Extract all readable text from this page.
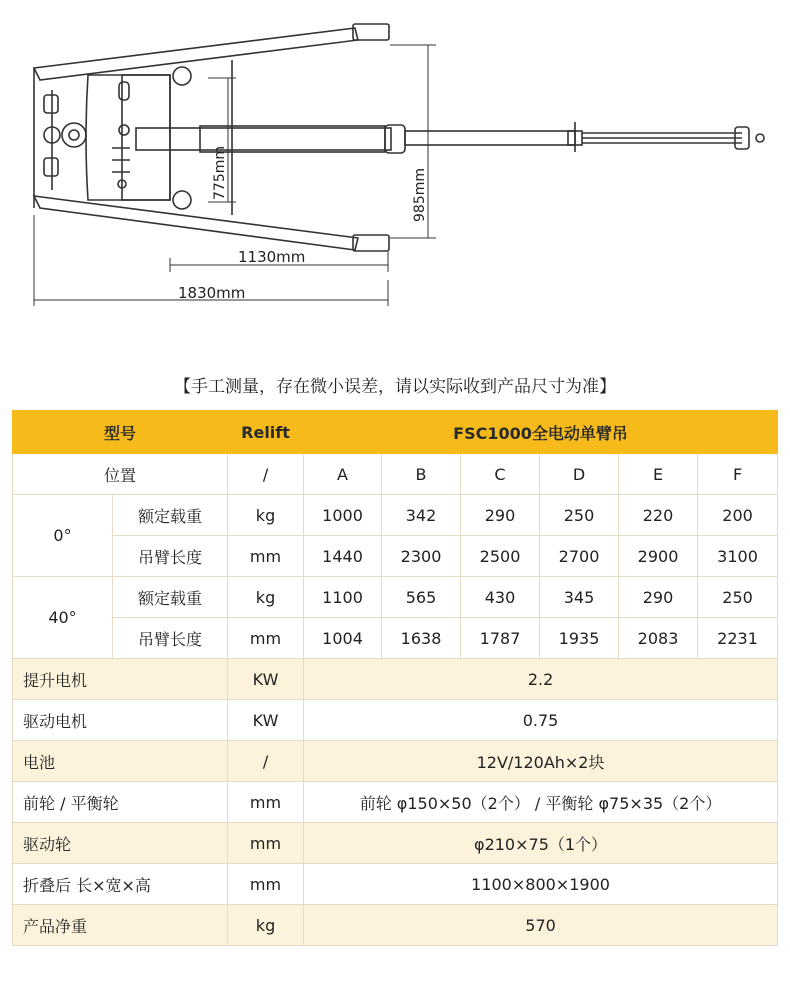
1830mm
1130mm
775mm	985mm
【手工测量，存在微小误差，请以实际收到产品尺寸为准】
型号		Relift	FSC1000全电动单臂吊					
位置		/	A	B	C	D	E	F
0°	额定载重	kg	1000	342	290	250	220	200
	吊臂长度	mm	1440	2300	2500	2700	2900	3100
40°	额定载重	kg	1100	565	430	345	290	250
	吊臂长度	mm	1004	1638	1787	1935	2083	2231
提升电机		KW	2.2					
驱动电机		KW	0.75					
电池		/	12V/120Ah×2块					
前轮 / 平衡轮		mm	前轮 φ150×50（2个） / 平衡轮 φ75×35（2个）					
驱动轮		mm	φ210×75（1个）					
折叠后 长×宽×高		mm	1100×800×1900					
产品净重		kg	570					
